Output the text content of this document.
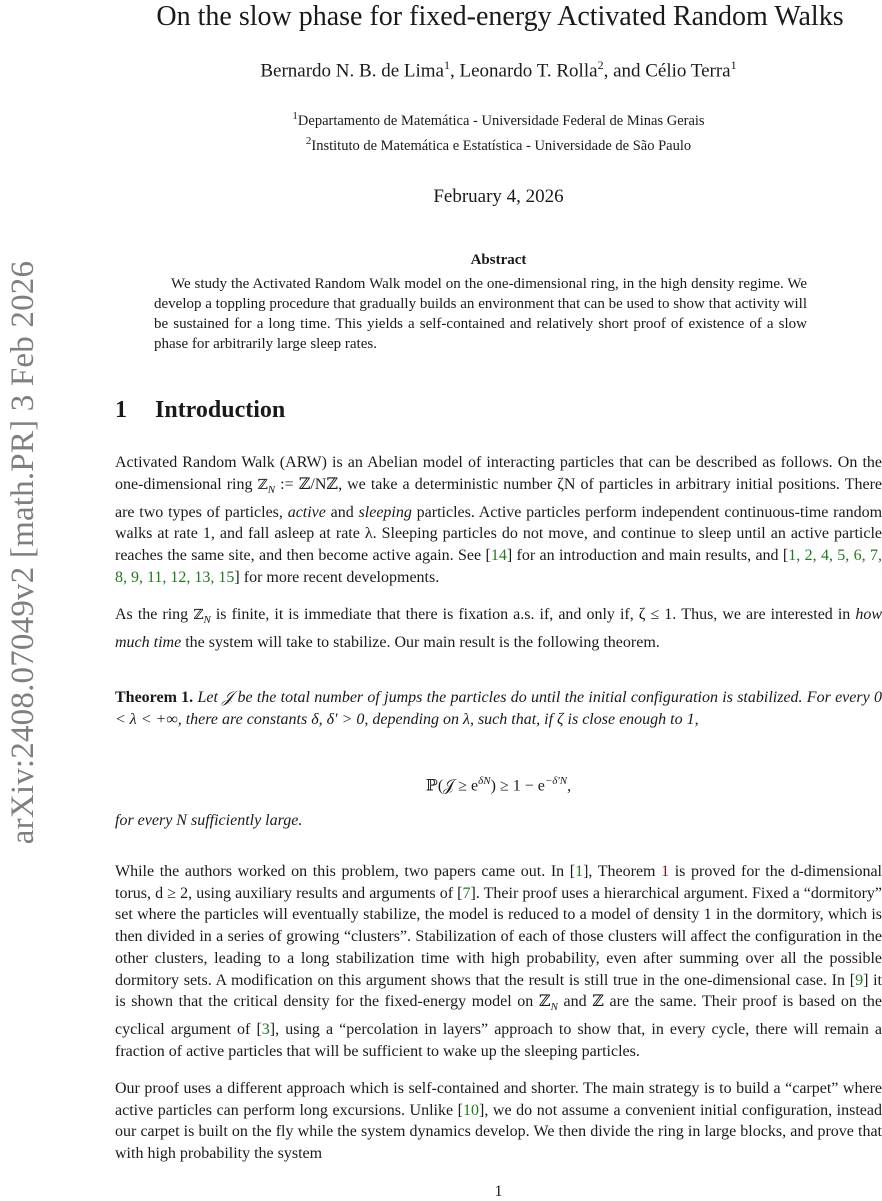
arXiv:2408.07049v2 [math.PR] 3 Feb 2026
On the slow phase for fixed-energy Activated Random Walks
Bernardo N. B. de Lima$^1$, Leonardo T. Rolla$^2$, and Célio Terra$^1$
$^1$Departamento de Matemática - Universidade Federal de Minas Gerais
$^2$Instituto de Matemática e Estatística - Universidade de São Paulo
February 4, 2026
Abstract

We study the Activated Random Walk model on the one-dimensional ring, in the high density regime. We develop a toppling procedure that gradually builds an environment that can be used to show that activity will be sustained for a long time. This yields a self-contained and relatively short proof of existence of a slow phase for arbitrarily large sleep rates.

1 Introduction

Activated Random Walk (ARW) is an Abelian model of interacting particles that can be described as follows. On the one-dimensional ring ℤ$_N$ := ℤ/Nℤ, we take a deterministic number ζN of particles in arbitrary initial positions. There are two types of particles, active and sleeping particles. Active particles perform independent continuous-time random walks at rate 1, and fall asleep at rate λ. Sleeping particles do not move, and continue to sleep until an active particle reaches the same site, and then become active again. See [14] for an introduction and main results, and [1, 2, 4, 5, 6, 7, 8, 9, 11, 12, 13, 15] for more recent developments.

As the ring ℤ$_N$ is finite, it is immediate that there is fixation a.s. if, and only if, ζ ≤ 1. Thus, we are interested in how much time the system will take to stabilize. Our main result is the following theorem.

Theorem 1. Let 𝒥 be the total number of jumps the particles do until the initial configuration is stabilized. For every 0 < λ < +∞, there are constants δ, δ′ > 0, depending on λ, such that, if ζ is close enough to 1,

ℙ(𝒥 ≥ $e^{\delta N}) \ge 1 - e^{-\delta'N}$,

for every N sufficiently large.

While the authors worked on this problem, two papers came out. In [1], Theorem 1 is proved for the d-dimensional torus, d ≥ 2, using auxiliary results and arguments of [7]. Their proof uses a hierarchical argument. Fixed a “dormitory” set where the particles will eventually stabilize, the model is reduced to a model of density 1 in the dormitory, which is then divided in a series of growing “clusters”. Stabilization of each of those clusters will affect the configuration in the other clusters, leading to a long stabilization time with high probability, even after summing over all the possible dormitory sets. A modification on this argument shows that the result is still true in the one-dimensional case. In [9] it is shown that the critical density for the fixed-energy model on ℤ$_N$ and ℤ are the same. Their proof is based on the cyclical argument of [3], using a “percolation in layers” approach to show that, in every cycle, there will remain a fraction of active particles that will be sufficient to wake up the sleeping particles.

Our proof uses a different approach which is self-contained and shorter. The main strategy is to build a “carpet” where active particles can perform long excursions. Unlike [10], we do not assume a convenient initial configuration, instead our carpet is built on the fly while the system dynamics develop. We then divide the ring in large blocks, and prove that with high probability the system

1
